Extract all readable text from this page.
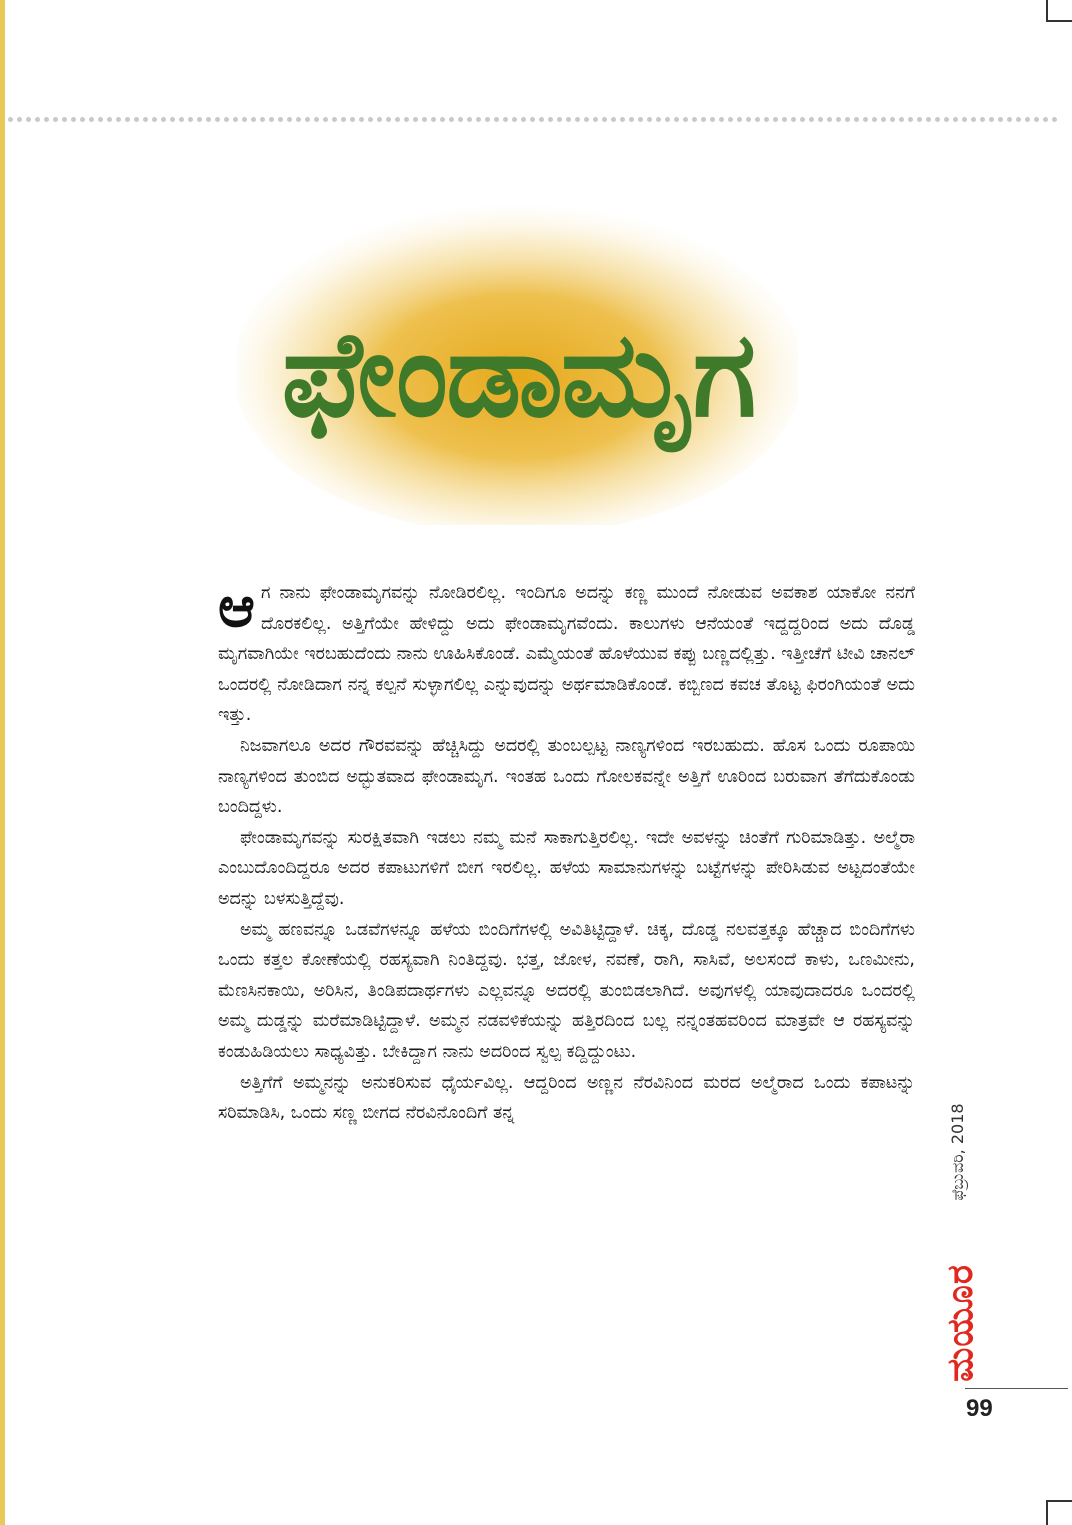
ಫೇಂಡಾಮೃಗ

ಆಗ ನಾನು ಫೇಂಡಾಮೃಗವನ್ನು ನೋಡಿರಲಿಲ್ಲ. ಇಂದಿಗೂ ಅದನ್ನು ಕಣ್ಣ ಮುಂದೆ ನೋಡುವ ಅವಕಾಶ ಯಾಕೋ ನನಗೆ ದೊರಕಲಿಲ್ಲ. ಅತ್ತಿಗೆಯೇ ಹೇಳಿದ್ದು ಅದು ಫೇಂಡಾಮೃಗವೆಂದು. ಕಾಲುಗಳು ಆನೆಯಂತೆ ಇದ್ದದ್ದರಿಂದ ಅದು ದೊಡ್ಡ ಮೃಗವಾಗಿಯೇ ಇರಬಹುದೆಂದು ನಾನು ಊಹಿಸಿಕೊಂಡೆ. ಎಮ್ಮೆಯಂತೆ ಹೊಳೆಯುವ ಕಪ್ಪು ಬಣ್ಣದಲ್ಲಿತ್ತು. ಇತ್ತೀಚೆಗೆ ಟೀವಿ ಚಾನಲ್ ಒಂದರಲ್ಲಿ ನೋಡಿದಾಗ ನನ್ನ ಕಲ್ಪನೆ ಸುಳ್ಳಾಗಲಿಲ್ಲ ಎನ್ನುವುದನ್ನು ಅರ್ಥಮಾಡಿಕೊಂಡೆ. ಕಬ್ಬಿಣದ ಕವಚ ತೊಟ್ಟ ಫಿರಂಗಿಯಂತೆ ಅದು ಇತ್ತು.

ನಿಜವಾಗಲೂ ಅದರ ಗೌರವವನ್ನು ಹೆಚ್ಚಿಸಿದ್ದು ಅದರಲ್ಲಿ ತುಂಬಲ್ಪಟ್ಟ ನಾಣ್ಯಗಳಿಂದ ಇರಬಹುದು. ಹೊಸ ಒಂದು ರೂಪಾಯಿ ನಾಣ್ಯಗಳಿಂದ ತುಂಬಿದ ಅದ್ಭುತವಾದ ಫೇಂಡಾಮೃಗ. ಇಂತಹ ಒಂದು ಗೋಲಕವನ್ನೇ ಅತ್ತಿಗೆ ಊರಿಂದ ಬರುವಾಗ ತೆಗೆದುಕೊಂಡು ಬಂದಿದ್ದಳು.

ಫೇಂಡಾಮೃಗವನ್ನು ಸುರಕ್ಷಿತವಾಗಿ ಇಡಲು ನಮ್ಮ ಮನೆ ಸಾಕಾಗುತ್ತಿರಲಿಲ್ಲ. ಇದೇ ಅವಳನ್ನು ಚಿಂತೆಗೆ ಗುರಿಮಾಡಿತ್ತು. ಅಲ್ಮೆರಾ ಎಂಬುದೊಂದಿದ್ದರೂ ಅದರ ಕಪಾಟುಗಳಿಗೆ ಬೀಗ ಇರಲಿಲ್ಲ. ಹಳೆಯ ಸಾಮಾನುಗಳನ್ನು ಬಟ್ಟೆಗಳನ್ನು ಪೇರಿಸಿಡುವ ಅಟ್ಟದಂತೆಯೇ ಅದನ್ನು ಬಳಸುತ್ತಿದ್ದೆವು.

ಅಮ್ಮ ಹಣವನ್ನೂ ಒಡವೆಗಳನ್ನೂ ಹಳೆಯ ಬಿಂದಿಗೆಗಳಲ್ಲಿ ಅವಿತಿಟ್ಟಿದ್ದಾಳೆ. ಚಿಕ್ಕ, ದೊಡ್ಡ ನಲವತ್ತಕ್ಕೂ ಹೆಚ್ಚಾದ ಬಿಂದಿಗೆಗಳು ಒಂದು ಕತ್ತಲ ಕೋಣೆಯಲ್ಲಿ ರಹಸ್ಯವಾಗಿ ನಿಂತಿದ್ದವು. ಭತ್ತ, ಜೋಳ, ನವಣೆ, ರಾಗಿ, ಸಾಸಿವೆ, ಅಲಸಂದೆ ಕಾಳು, ಒಣಮೀನು, ಮೆಣಸಿನಕಾಯಿ, ಅರಿಸಿನ, ತಿಂಡಿಪದಾರ್ಥಗಳು ಎಲ್ಲವನ್ನೂ ಅದರಲ್ಲಿ ತುಂಬಿಡಲಾಗಿದೆ. ಅವುಗಳಲ್ಲಿ ಯಾವುದಾದರೂ ಒಂದರಲ್ಲಿ ಅಮ್ಮ ದುಡ್ಡನ್ನು ಮರೆಮಾಡಿಟ್ಟಿದ್ದಾಳೆ. ಅಮ್ಮನ ನಡವಳಿಕೆಯನ್ನು ಹತ್ತಿರದಿಂದ ಬಲ್ಲ ನನ್ನಂತಹವರಿಂದ ಮಾತ್ರವೇ ಆ ರಹಸ್ಯವನ್ನು ಕಂಡುಹಿಡಿಯಲು ಸಾಧ್ಯವಿತ್ತು. ಬೇಕಿದ್ದಾಗ ನಾನು ಅದರಿಂದ ಸ್ವಲ್ಪ ಕದ್ದಿದ್ದುಂಟು.

ಅತ್ತಿಗೆಗೆ ಅಮ್ಮನನ್ನು ಅನುಕರಿಸುವ ಧೈರ್ಯವಿಲ್ಲ. ಆದ್ದರಿಂದ ಅಣ್ಣನ ನೆರವಿನಿಂದ ಮರದ ಅಲ್ಮೆರಾದ ಒಂದು ಕಪಾಟನ್ನು ಸರಿಮಾಡಿಸಿ, ಒಂದು ಸಣ್ಣ ಬೀಗದ ನೆರವಿನೊಂದಿಗೆ ತನ್ನ	ಫೆಬ್ರುವರಿ, 2018
ಮಯೂರ
99
